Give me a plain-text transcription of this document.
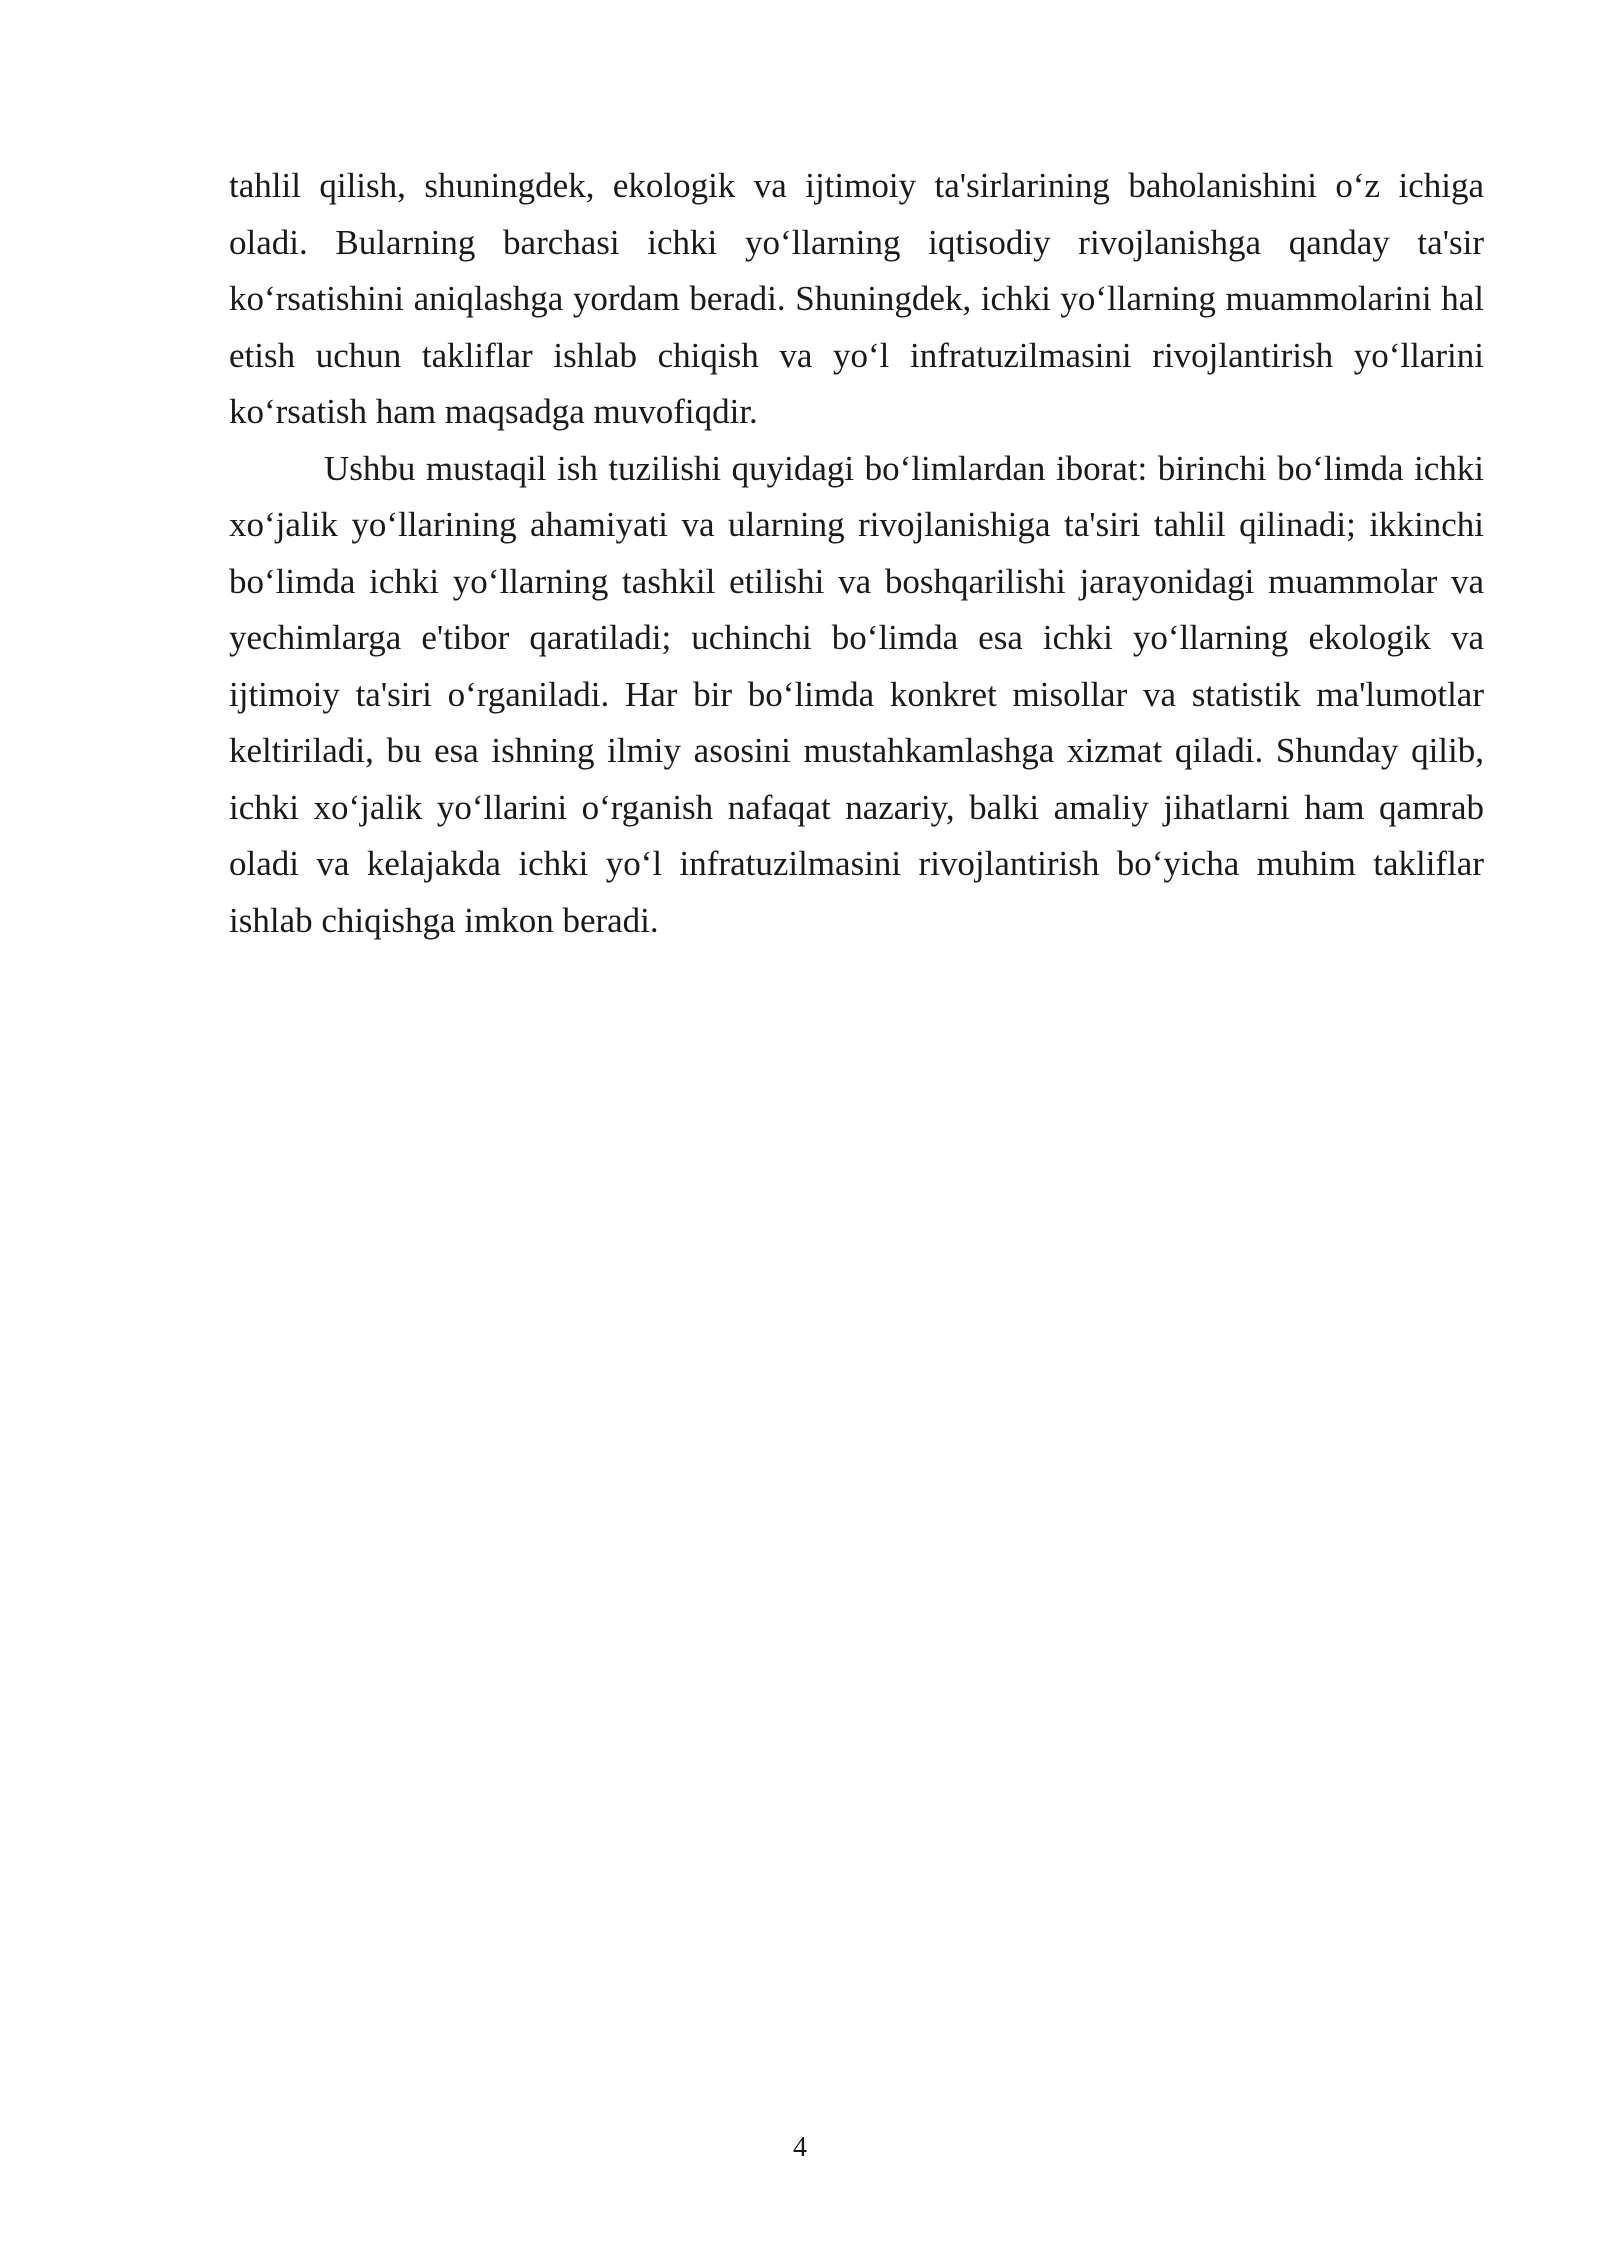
tahlil qilish, shuningdek, ekologik va ijtimoiy ta'sirlarining baholanishini o‘z ichiga oladi. Bularning barchasi ichki yo‘llarning iqtisodiy rivojlanishga qanday ta'sir ko‘rsatishini aniqlashga yordam beradi. Shuningdek, ichki yo‘llarning muammolarini hal etish uchun takliflar ishlab chiqish va yo‘l infratuzilmasini rivojlantirish yo‘llarini ko‘rsatish ham maqsadga muvofiqdir.

Ushbu mustaqil ish tuzilishi quyidagi bo‘limlardan iborat: birinchi bo‘limda ichki xo‘jalik yo‘llarining ahamiyati va ularning rivojlanishiga ta'siri tahlil qilinadi; ikkinchi bo‘limda ichki yo‘llarning tashkil etilishi va boshqarilishi jarayonidagi muammolar va yechimlarga e'tibor qaratiladi; uchinchi bo‘limda esa ichki yo‘llarning ekologik va ijtimoiy ta'siri o‘rganiladi. Har bir bo‘limda konkret misollar va statistik ma'lumotlar keltiriladi, bu esa ishning ilmiy asosini mustahkamlashga xizmat qiladi. Shunday qilib, ichki xo‘jalik yo‘llarini o‘rganish nafaqat nazariy, balki amaliy jihatlarni ham qamrab oladi va kelajakda ichki yo‘l infratuzilmasini rivojlantirish bo‘yicha muhim takliflar ishlab chiqishga imkon beradi.

4
